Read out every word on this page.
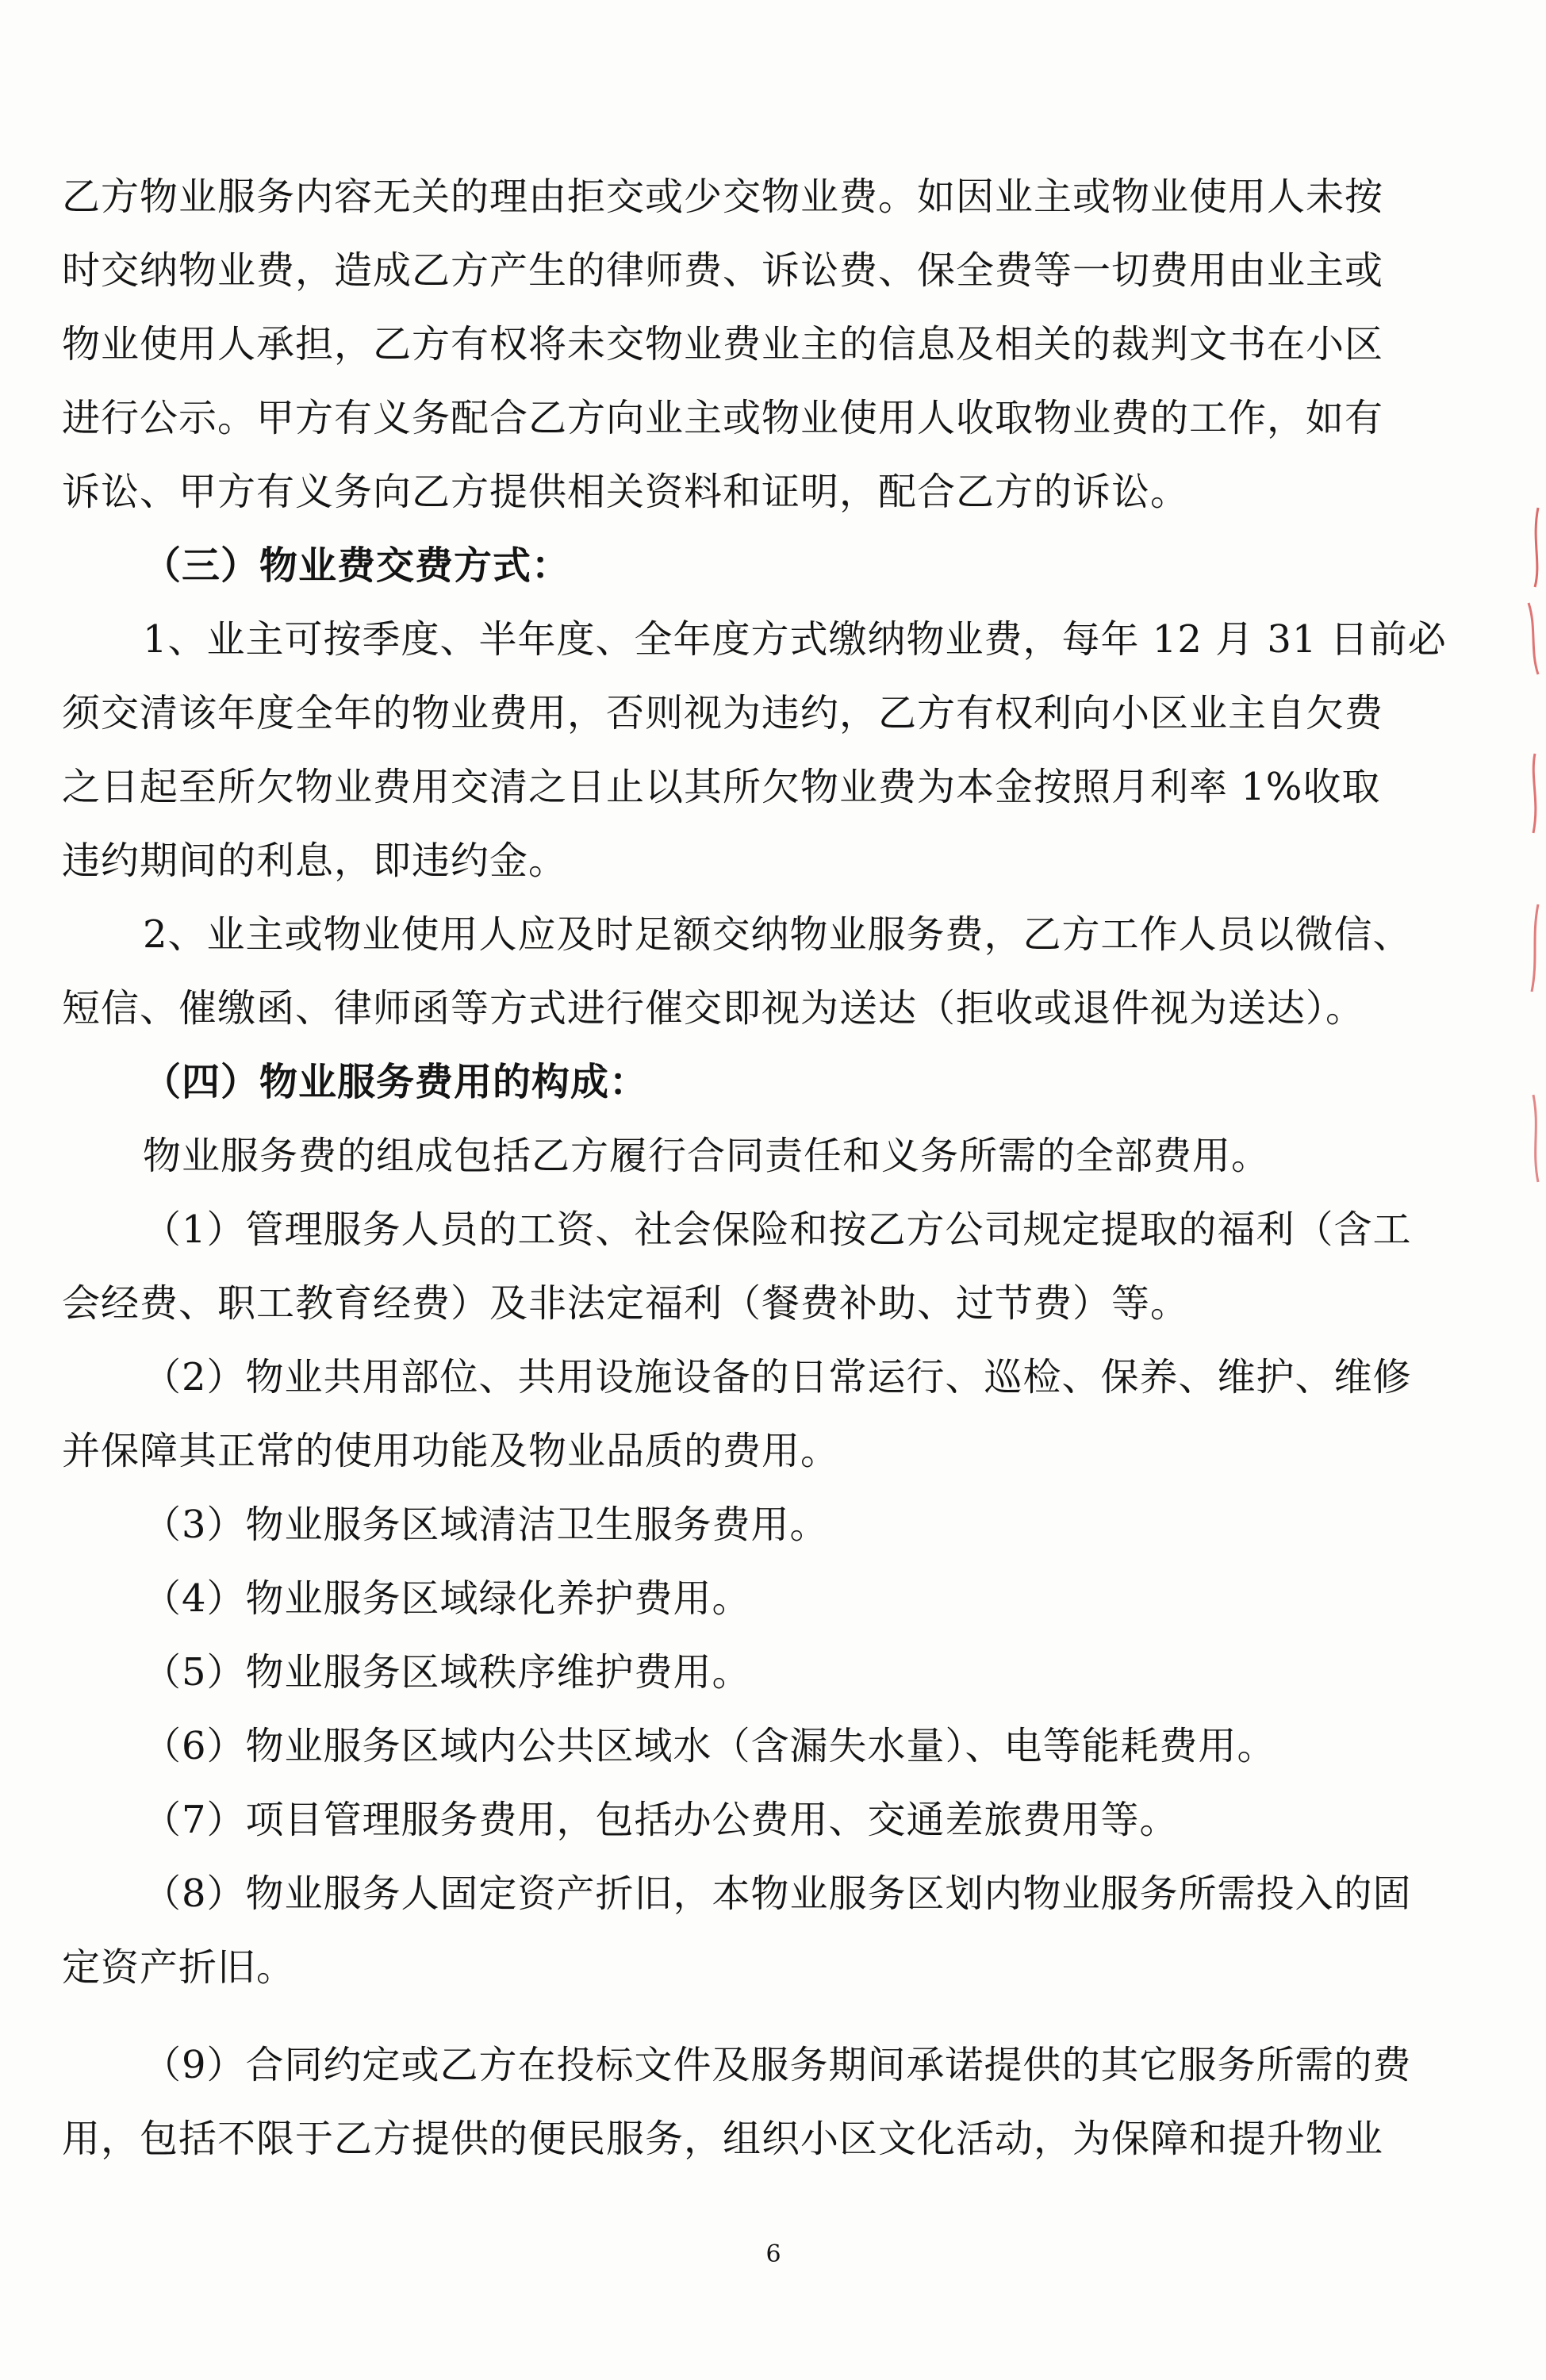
乙方物业服务内容无关的理由拒交或少交物业费。如因业主或物业使用人未按
时交纳物业费，造成乙方产生的律师费、诉讼费、保全费等一切费用由业主或
物业使用人承担，乙方有权将未交物业费业主的信息及相关的裁判文书在小区
进行公示。甲方有义务配合乙方向业主或物业使用人收取物业费的工作，如有
诉讼、甲方有义务向乙方提供相关资料和证明，配合乙方的诉讼。
（三）物业费交费方式：
1、业主可按季度、半年度、全年度方式缴纳物业费，每年 12 月 31 日前必
须交清该年度全年的物业费用，否则视为违约，乙方有权利向小区业主自欠费
之日起至所欠物业费用交清之日止以其所欠物业费为本金按照月利率 1%收取
违约期间的利息，即违约金。
2、业主或物业使用人应及时足额交纳物业服务费，乙方工作人员以微信、
短信、催缴函、律师函等方式进行催交即视为送达（拒收或退件视为送达）。
（四）物业服务费用的构成：
物业服务费的组成包括乙方履行合同责任和义务所需的全部费用。
（1）管理服务人员的工资、社会保险和按乙方公司规定提取的福利（含工
会经费、职工教育经费）及非法定福利（餐费补助、过节费）等。
（2）物业共用部位、共用设施设备的日常运行、巡检、保养、维护、维修
并保障其正常的使用功能及物业品质的费用。
（3）物业服务区域清洁卫生服务费用。
（4）物业服务区域绿化养护费用。
（5）物业服务区域秩序维护费用。
（6）物业服务区域内公共区域水（含漏失水量）、电等能耗费用。
（7）项目管理服务费用，包括办公费用、交通差旅费用等。
（8）物业服务人固定资产折旧，本物业服务区划内物业服务所需投入的固
定资产折旧。
（9）合同约定或乙方在投标文件及服务期间承诺提供的其它服务所需的费
用，包括不限于乙方提供的便民服务，组织小区文化活动，为保障和提升物业
6
